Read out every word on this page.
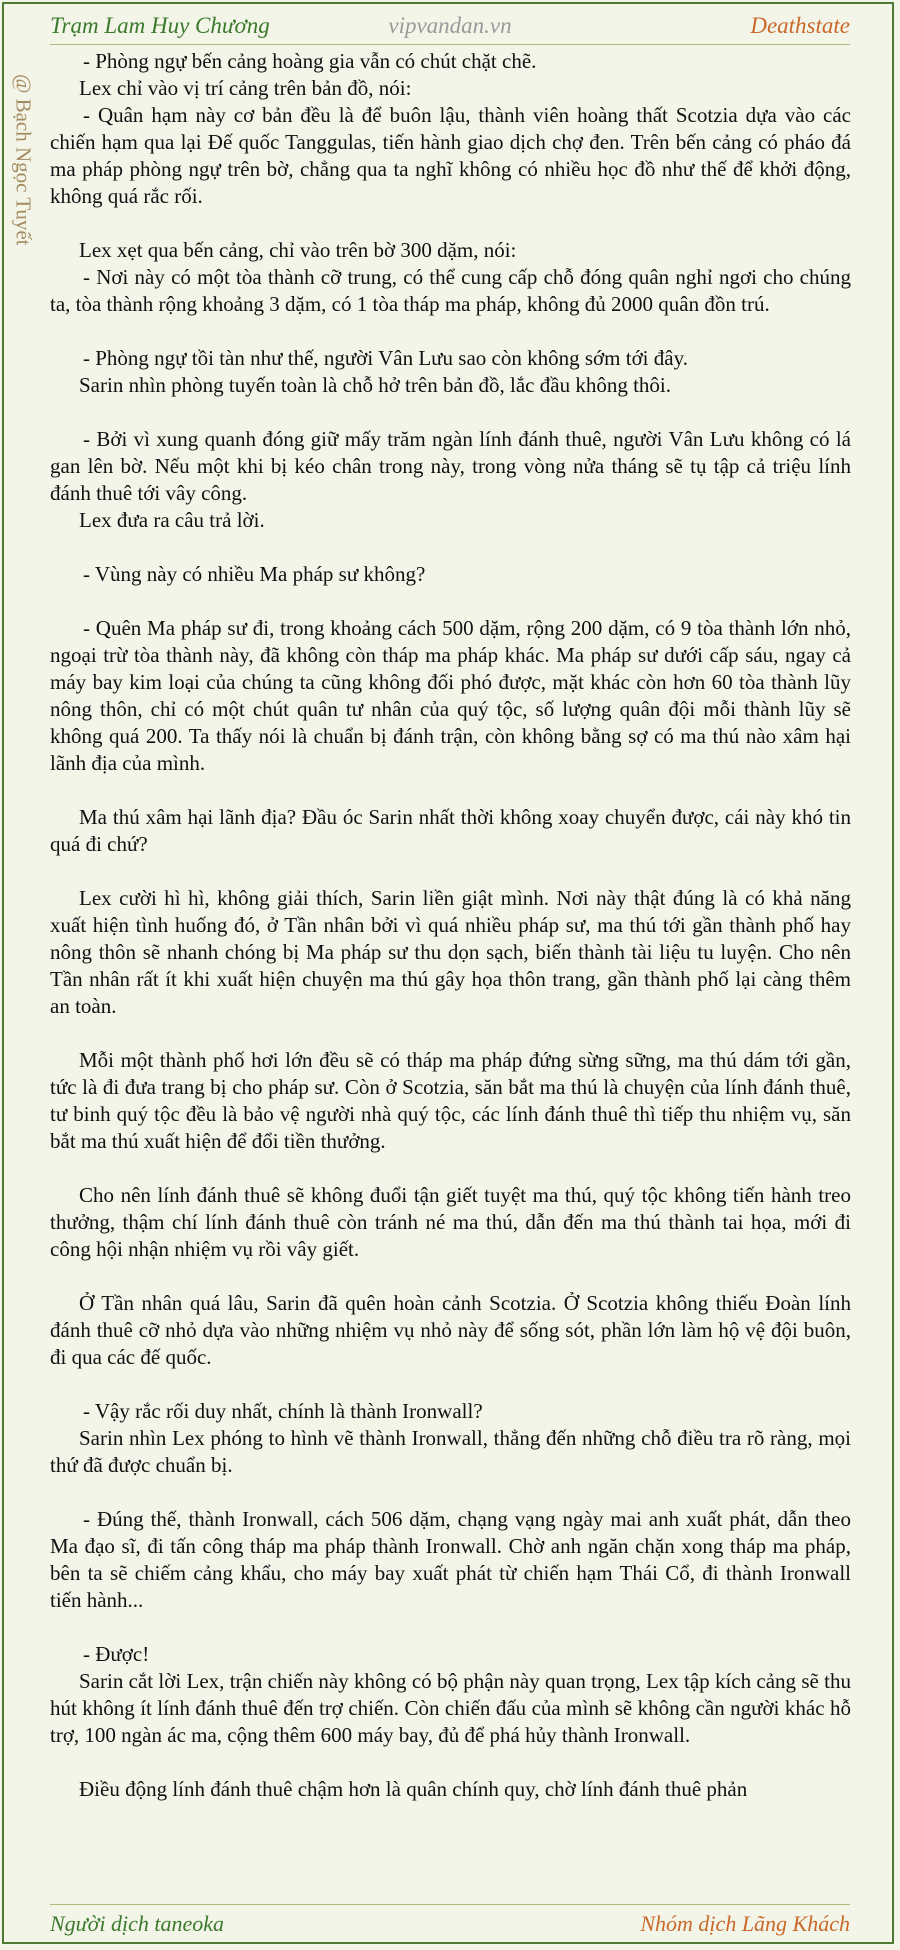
Trạm Lam Huy Chương	vipvandan.vn	Deathstate
@ Bạch Ngọc Tuyết

- Phòng ngự bến cảng hoàng gia vẫn có chút chặt chẽ.

Lex chỉ vào vị trí cảng trên bản đồ, nói:

- Quân hạm này cơ bản đều là để buôn lậu, thành viên hoàng thất Scotzia dựa vào các chiến hạm qua lại Đế quốc Tanggulas, tiến hành giao dịch chợ đen. Trên bến cảng có pháo đá ma pháp phòng ngự trên bờ, chẳng qua ta nghĩ không có nhiều học đồ như thế để khởi động, không quá rắc rối.

Lex xẹt qua bến cảng, chỉ vào trên bờ 300 dặm, nói:

- Nơi này có một tòa thành cỡ trung, có thể cung cấp chỗ đóng quân nghỉ ngơi cho chúng ta, tòa thành rộng khoảng 3 dặm, có 1 tòa tháp ma pháp, không đủ 2000 quân đồn trú.

- Phòng ngự tồi tàn như thế, người Vân Lưu sao còn không sớm tới đây.

Sarin nhìn phòng tuyến toàn là chỗ hở trên bản đồ, lắc đầu không thôi.

- Bởi vì xung quanh đóng giữ mấy trăm ngàn lính đánh thuê, người Vân Lưu không có lá gan lên bờ. Nếu một khi bị kéo chân trong này, trong vòng nửa tháng sẽ tụ tập cả triệu lính đánh thuê tới vây công.

Lex đưa ra câu trả lời.

- Vùng này có nhiều Ma pháp sư không?

- Quên Ma pháp sư đi, trong khoảng cách 500 dặm, rộng 200 dặm, có 9 tòa thành lớn nhỏ, ngoại trừ tòa thành này, đã không còn tháp ma pháp khác. Ma pháp sư dưới cấp sáu, ngay cả máy bay kim loại của chúng ta cũng không đối phó được, mặt khác còn hơn 60 tòa thành lũy nông thôn, chỉ có một chút quân tư nhân của quý tộc, số lượng quân đội mỗi thành lũy sẽ không quá 200. Ta thấy nói là chuẩn bị đánh trận, còn không bằng sợ có ma thú nào xâm hại lãnh địa của mình.

Ma thú xâm hại lãnh địa? Đầu óc Sarin nhất thời không xoay chuyển được, cái này khó tin quá đi chứ?

Lex cười hì hì, không giải thích, Sarin liền giật mình. Nơi này thật đúng là có khả năng xuất hiện tình huống đó, ở Tần nhân bởi vì quá nhiều pháp sư, ma thú tới gần thành phố hay nông thôn sẽ nhanh chóng bị Ma pháp sư thu dọn sạch, biến thành tài liệu tu luyện. Cho nên Tần nhân rất ít khi xuất hiện chuyện ma thú gây họa thôn trang, gần thành phố lại càng thêm an toàn.

Mỗi một thành phố hơi lớn đều sẽ có tháp ma pháp đứng sừng sững, ma thú dám tới gần, tức là đi đưa trang bị cho pháp sư. Còn ở Scotzia, săn bắt ma thú là chuyện của lính đánh thuê, tư binh quý tộc đều là bảo vệ người nhà quý tộc, các lính đánh thuê thì tiếp thu nhiệm vụ, săn bắt ma thú xuất hiện để đổi tiền thưởng.

Cho nên lính đánh thuê sẽ không đuổi tận giết tuyệt ma thú, quý tộc không tiến hành treo thưởng, thậm chí lính đánh thuê còn tránh né ma thú, dẫn đến ma thú thành tai họa, mới đi công hội nhận nhiệm vụ rồi vây giết.

Ở Tần nhân quá lâu, Sarin đã quên hoàn cảnh Scotzia. Ở Scotzia không thiếu Đoàn lính đánh thuê cỡ nhỏ dựa vào những nhiệm vụ nhỏ này để sống sót, phần lớn làm hộ vệ đội buôn, đi qua các đế quốc.

- Vậy rắc rối duy nhất, chính là thành Ironwall?

Sarin nhìn Lex phóng to hình vẽ thành Ironwall, thẳng đến những chỗ điều tra rõ ràng, mọi thứ đã được chuẩn bị.

- Đúng thế, thành Ironwall, cách 506 dặm, chạng vạng ngày mai anh xuất phát, dẫn theo Ma đạo sĩ, đi tấn công tháp ma pháp thành Ironwall. Chờ anh ngăn chặn xong tháp ma pháp, bên ta sẽ chiếm cảng khẩu, cho máy bay xuất phát từ chiến hạm Thái Cổ, đi thành Ironwall tiến hành...

- Được!

Sarin cắt lời Lex, trận chiến này không có bộ phận này quan trọng, Lex tập kích cảng sẽ thu hút không ít lính đánh thuê đến trợ chiến. Còn chiến đấu của mình sẽ không cần người khác hỗ trợ, 100 ngàn ác ma, cộng thêm 600 máy bay, đủ để phá hủy thành Ironwall.

Điều động lính đánh thuê chậm hơn là quân chính quy, chờ lính đánh thuê phản

Người dịch taneoka	Nhóm dịch Lãng Khách
